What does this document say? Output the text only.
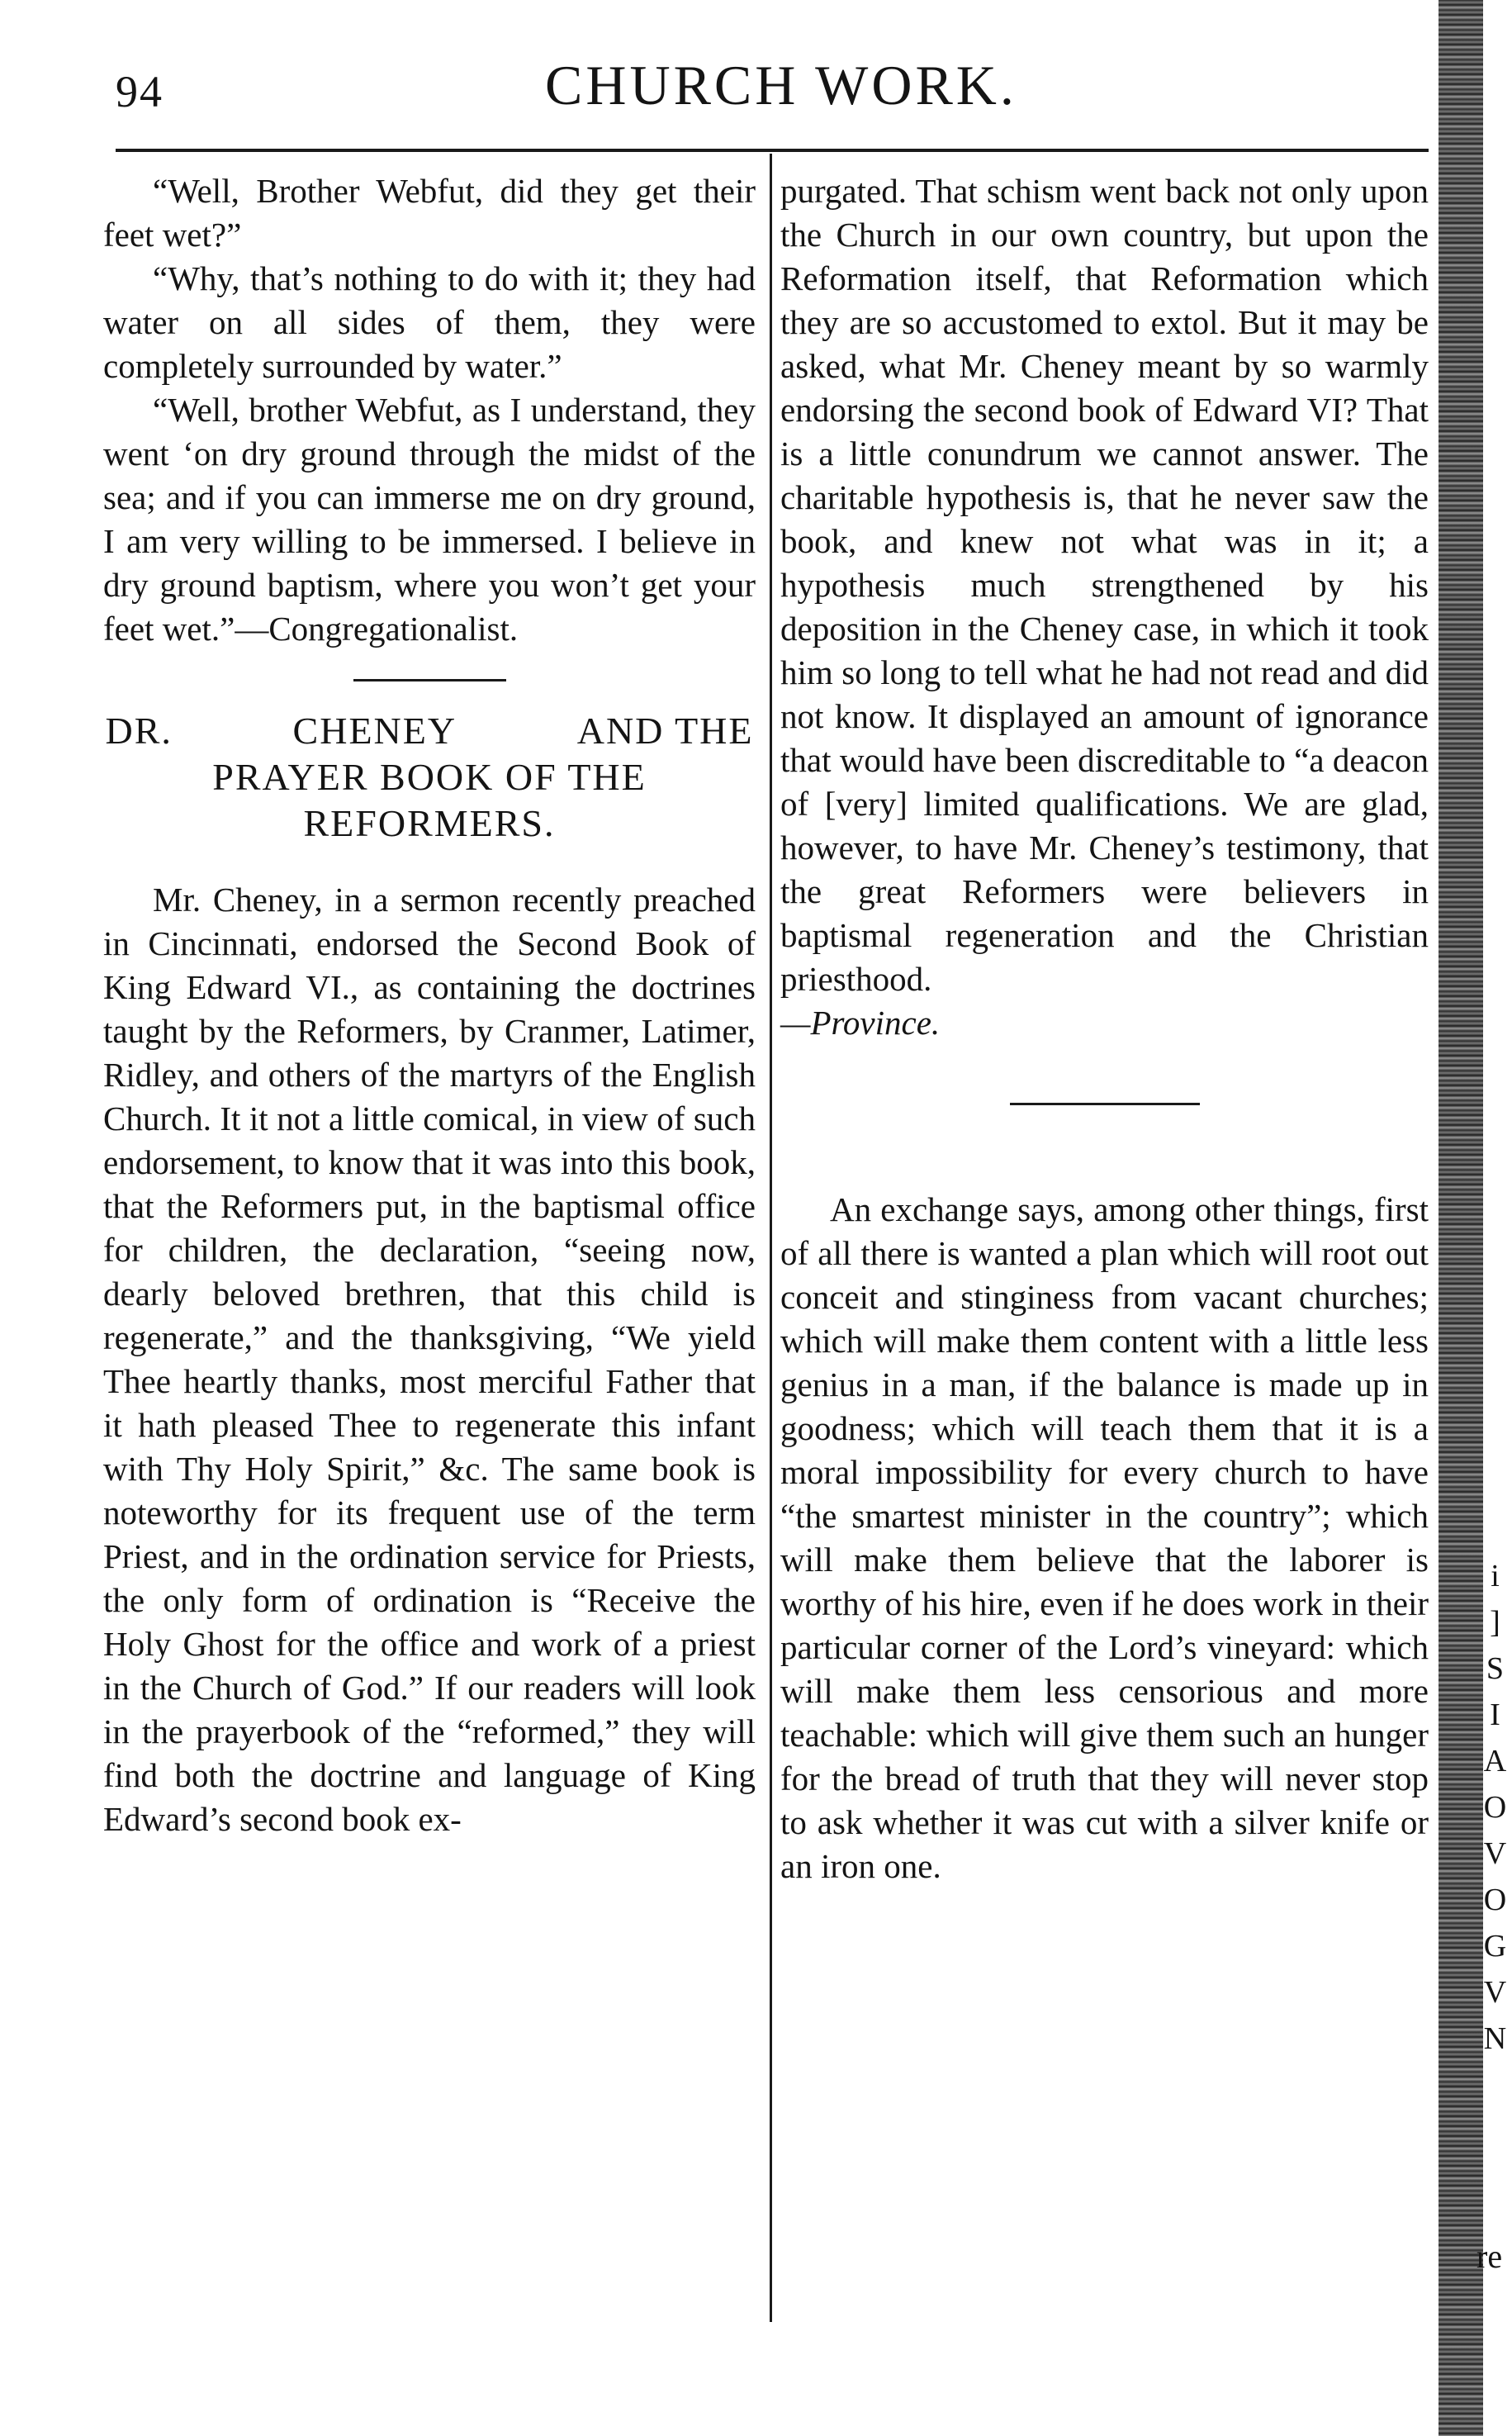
94	CHURCH WORK.

“Well, Brother Webfut, did they get their feet wet?”

“Why, that’s nothing to do with it; they had water on all sides of them, they were completely surrounded by water.”

“Well, brother Webfut, as I understand, they went ‘on dry ground through the midst of the sea; and if you can immerse me on dry ground, I am very willing to be immersed. I believe in dry ground baptism, where you won’t get your feet wet.”—Congregationalist.

DR.	CHENEY	AND THE
PRAYER BOOK OF THE
REFORMERS.

Mr. Cheney, in a sermon recently preached in Cincinnati, endorsed the Second Book of King Edward VI., as containing the doctrines taught by the Reformers, by Cranmer, Latimer, Ridley, and others of the martyrs of the English Church. It it not a little comical, in view of such endorsement, to know that it was into this book, that the Reformers put, in the baptismal office for children, the declaration, “seeing now, dearly beloved brethren, that this child is regenerate,” and the thanksgiving, “We yield Thee heartly thanks, most merciful Father that it hath pleased Thee to regenerate this infant with Thy Holy Spirit,” &c. The same book is noteworthy for its frequent use of the term Priest, and in the ordination service for Priests, the only form of ordination is “Receive the Holy Ghost for the office and work of a priest in the Church of God.” If our readers will look in the prayerbook of the “reformed,” they will find both the doctrine and language of King Edward’s second book ex-

purgated. That schism went back not only upon the Church in our own country, but upon the Reformation itself, that Reformation which they are so accustomed to extol. But it may be asked, what Mr. Cheney meant by so warmly endorsing the second book of Edward VI? That is a little conundrum we cannot answer. The charitable hypothesis is, that he never saw the book, and knew not what was in it; a hypothesis much strengthened by his deposition in the Cheney case, in which it took him so long to tell what he had not read and did not know. It displayed an amount of ignorance that would have been discreditable to “a deacon of [very] limited qualifications. We are glad, however, to have Mr. Cheney’s testimony, that the great Reformers were believers in baptismal regeneration and the Christian priesthood.

—Province.

An exchange says, among other things, first of all there is wanted a plan which will root out conceit and stinginess from vacant churches; which will make them content with a little less genius in a man, if the balance is made up in goodness; which will teach them that it is a moral impossibility for every church to have “the smartest minister in the country”; which will make them believe that the laborer is worthy of his hire, even if he does work in their particular corner of the Lord’s vineyard: which will make them less censorious and more teachable: which will give them such an hunger for the bread of truth that they will never stop to ask whether it was cut with a silver knife or an iron one.

i
]
S
I
A
O
V
O
G
V
N
re
